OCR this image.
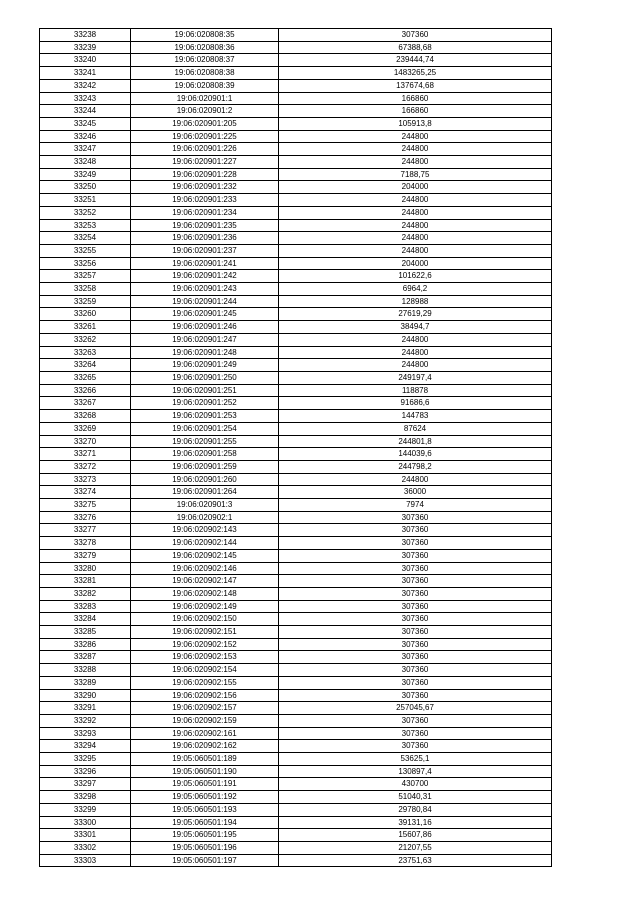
33238	19:06:020808:35	307360
33239	19:06:020808:36	67388,68
33240	19:06:020808:37	239444,74
33241	19:06:020808:38	1483265,25
33242	19:06:020808:39	137674,68
33243	19:06:020901:1	166860
33244	19:06:020901:2	166860
33245	19:06:020901:205	105913,8
33246	19:06:020901:225	244800
33247	19:06:020901:226	244800
33248	19:06:020901:227	244800
33249	19:06:020901:228	7188,75
33250	19:06:020901:232	204000
33251	19:06:020901:233	244800
33252	19:06:020901:234	244800
33253	19:06:020901:235	244800
33254	19:06:020901:236	244800
33255	19:06:020901:237	244800
33256	19:06:020901:241	204000
33257	19:06:020901:242	101622,6
33258	19:06:020901:243	6964,2
33259	19:06:020901:244	128988
33260	19:06:020901:245	27619,29
33261	19:06:020901:246	38494,7
33262	19:06:020901:247	244800
33263	19:06:020901:248	244800
33264	19:06:020901:249	244800
33265	19:06:020901:250	249197,4
33266	19:06:020901:251	118878
33267	19:06:020901:252	91686,6
33268	19:06:020901:253	144783
33269	19:06:020901:254	87624
33270	19:06:020901:255	244801,8
33271	19:06:020901:258	144039,6
33272	19:06:020901:259	244798,2
33273	19:06:020901:260	244800
33274	19:06:020901:264	36000
33275	19:06:020901:3	7974
33276	19:06:020902:1	307360
33277	19:06:020902:143	307360
33278	19:06:020902:144	307360
33279	19:06:020902:145	307360
33280	19:06:020902:146	307360
33281	19:06:020902:147	307360
33282	19:06:020902:148	307360
33283	19:06:020902:149	307360
33284	19:06:020902:150	307360
33285	19:06:020902:151	307360
33286	19:06:020902:152	307360
33287	19:06:020902:153	307360
33288	19:06:020902:154	307360
33289	19:06:020902:155	307360
33290	19:06:020902:156	307360
33291	19:06:020902:157	257045,67
33292	19:06:020902:159	307360
33293	19:06:020902:161	307360
33294	19:06:020902:162	307360
33295	19:05:060501:189	53625,1
33296	19:05:060501:190	130897,4
33297	19:05:060501:191	430700
33298	19:05:060501:192	51040,31
33299	19:05:060501:193	29780,84
33300	19:05:060501:194	39131,16
33301	19:05:060501:195	15607,86
33302	19:05:060501:196	21207,55
33303	19:05:060501:197	23751,63
